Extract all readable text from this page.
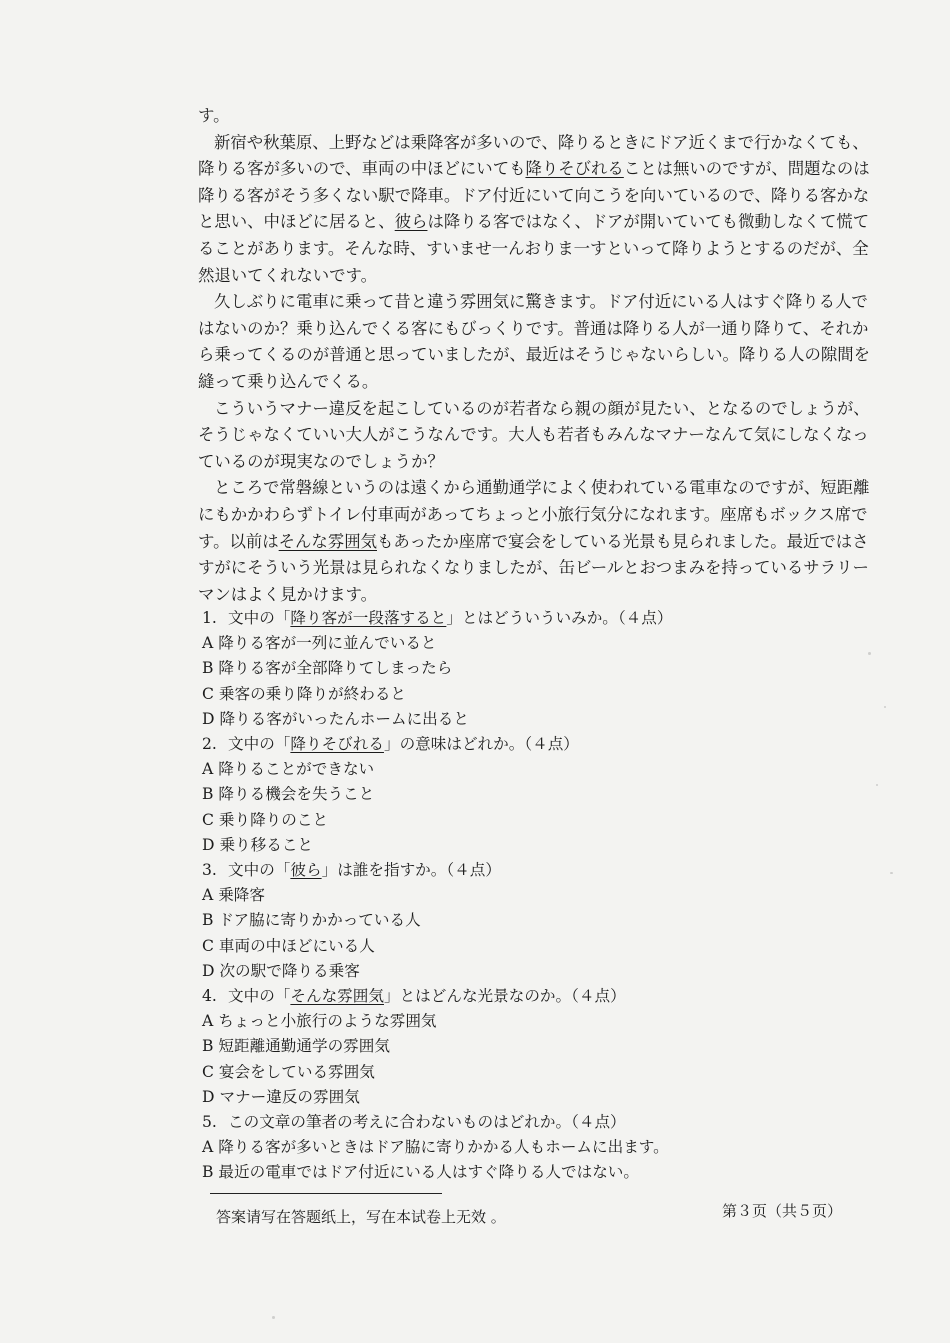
す。

新宿や秋葉原、上野などは乗降客が多いので、降りるときにドア近くまで行かなくても、降りる客が多いので、車両の中ほどにいても降りそびれることは無いのですが、問題なのは降りる客がそう多くない駅で降車。ドア付近にいて向こうを向いているので、降りる客かなと思い、中ほどに居ると、彼らは降りる客ではなく、ドアが開いていても微動しなくて慌てることがあります。そんな時、すいませ一んおりま一すといって降りようとするのだが、全然退いてくれないです。

久しぶりに電車に乗って昔と違う雰囲気に驚きます。ドア付近にいる人はすぐ降りる人ではないのか？乗り込んでくる客にもびっくりです。普通は降りる人が一通り降りて、それから乗ってくるのが普通と思っていましたが、最近はそうじゃないらしい。降りる人の隙間を縫って乗り込んでくる。

こういうマナー違反を起こしているのが若者なら親の顔が見たい、となるのでしょうが、そうじゃなくていい大人がこうなんです。大人も若者もみんなマナーなんて気にしなくなっているのが現実なのでしょうか？

ところで常磐線というのは遠くから通勤通学によく使われている電車なのですが、短距離にもかかわらずトイレ付車両があってちょっと小旅行気分になれます。座席もボックス席です。以前はそんな雰囲気もあったか座席で宴会をしている光景も見られました。最近ではさすがにそういう光景は見られなくなりましたが、缶ビールとおつまみを持っているサラリーマンはよく見かけます。

1. 文中の「降り客が一段落すると」とはどういういみか。（４点）
A 降りる客が一列に並んでいると
B 降りる客が全部降りてしまったら
C 乗客の乗り降りが終わると
D 降りる客がいったんホームに出ると
2. 文中の「降りそびれる」の意味はどれか。（４点）
A 降りることができない
B 降りる機会を失うこと
C 乗り降りのこと
D 乗り移ること
3. 文中の「彼ら」は誰を指すか。（４点）
A 乗降客
B ドア脇に寄りかかっている人
C 車両の中ほどにいる人
D 次の駅で降りる乗客
4. 文中の「そんな雰囲気」とはどんな光景なのか。（４点）
A ちょっと小旅行のような雰囲気
B 短距離通勤通学の雰囲気
C 宴会をしている雰囲気
D マナー違反の雰囲気
5. この文章の筆者の考えに合わないものはどれか。（４点）
A 降りる客が多いときはドア脇に寄りかかる人もホームに出ます。
B 最近の電車ではドア付近にいる人はすぐ降りる人ではない。
答案请写在答题纸上，写在本试卷上无效 。	第３页（共５页）
